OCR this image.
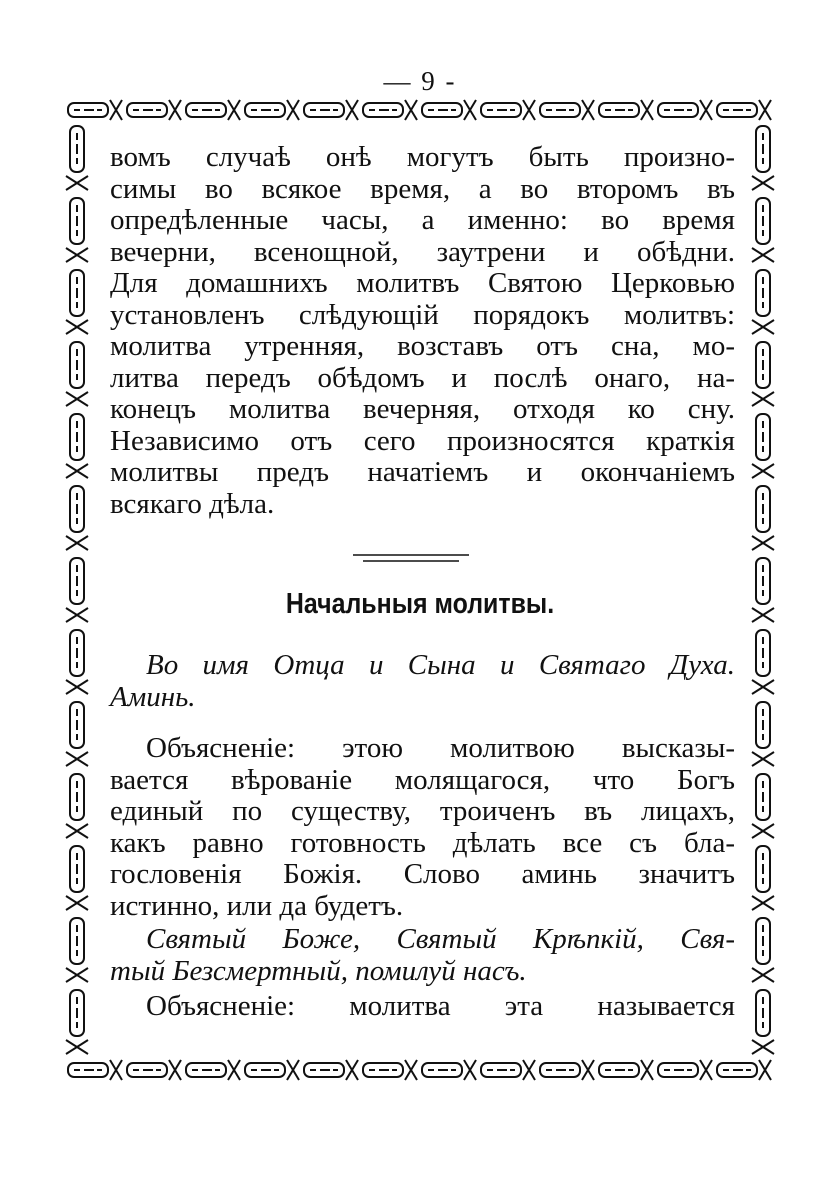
— 9 -
вомъ случаѣ онѣ могутъ быть произно-
симы во всякое время, а во второмъ въ
опредѣленные часы, а именно: во время
вечерни, всенощной, заутрени и обѣдни.
Для домашнихъ молитвъ Святою Церковью
установленъ слѣдующій порядокъ молитвъ:
молитва утренняя, возставъ отъ сна, мо-
литва передъ обѣдомъ и послѣ онаго, на-
конецъ молитва вечерняя, отходя ко сну.
Независимо отъ сего произносятся краткія
молитвы предъ начатіемъ и окончаніемъ
всякаго дѣла.
Начальныя молитвы.
Во имя Отца и Сына и Святаго Духа.
Аминь.
Объясненіе: этою молитвою высказы-
вается вѣрованіе молящагося, что Богъ
единый по существу, троиченъ въ лицахъ,
какъ равно готовность дѣлать все съ бла-
гословенія Божія. Слово аминь значитъ
истинно, или да будетъ.
Святый Боже, Святый Крѣпкій, Свя-
тый Безсмертный, помилуй насъ.
Объясненіе: молитва эта называется
